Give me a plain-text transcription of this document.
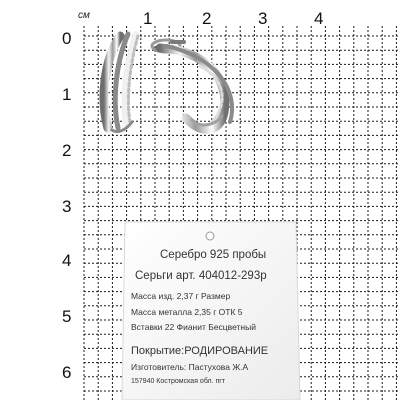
см	1	2	3	4
0
1
2
3
4
5
6
Серебро 925 пробы
Серьги арт. 404012-293р
Масса изд. 2,37 г Размер
Масса металла 2,35 г ОТК 5
Вставки 22 Фианит Бесцветный
Покрытие:РОДИРОВАНИЕ
Изготовитель: Пастухова Ж.А
157940 Костромская обл. пгт
